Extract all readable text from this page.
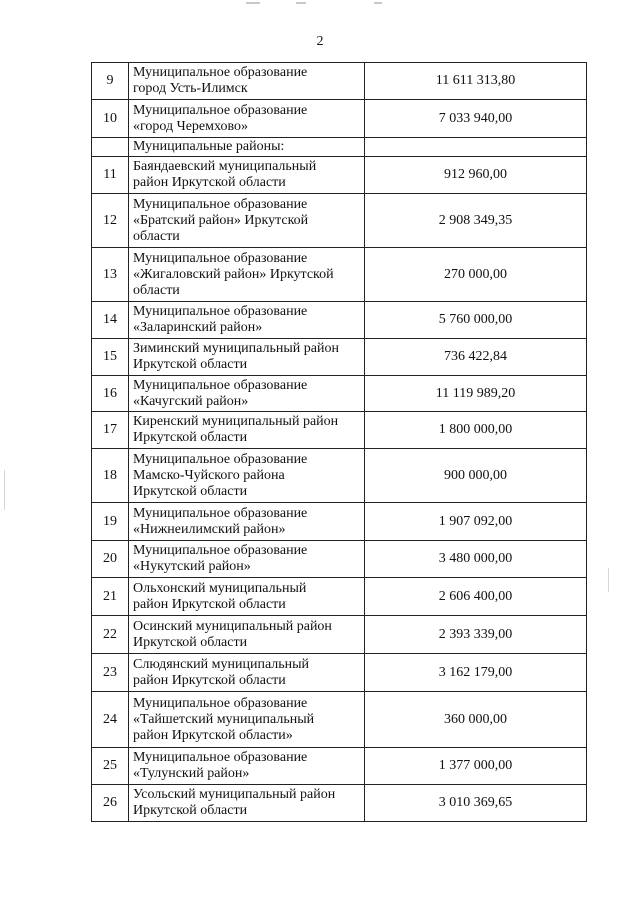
2
9	Муниципальное образование
город Усть-Илимск	11 611 313,80
10	Муниципальное образование
«город Черемхово»	7 033 940,00
	Муниципальные районы:	
11	Баяндаевский муниципальный
район Иркутской области	912 960,00
12	Муниципальное образование
«Братский район» Иркутской
области	2 908 349,35
13	Муниципальное образование
«Жигаловский район» Иркутской
области	270 000,00
14	Муниципальное образование
«Заларинский район»	5 760 000,00
15	Зиминский муниципальный район
Иркутской области	736 422,84
16	Муниципальное образование
«Качугский район»	11 119 989,20
17	Киренский муниципальный район
Иркутской области	1 800 000,00
18	Муниципальное образование
Мамско-Чуйского района
Иркутской области	900 000,00
19	Муниципальное образование
«Нижнеилимский район»	1 907 092,00
20	Муниципальное образование
«Нукутский район»	3 480 000,00
21	Ольхонский муниципальный
район Иркутской области	2 606 400,00
22	Осинский муниципальный район
Иркутской области	2 393 339,00
23	Слюдянский муниципальный
район Иркутской области	3 162 179,00
24	Муниципальное образование
«Тайшетский муниципальный
район Иркутской области»	360 000,00
25	Муниципальное образование
«Тулунский район»	1 377 000,00
26	Усольский муниципальный район
Иркутской области	3 010 369,65
